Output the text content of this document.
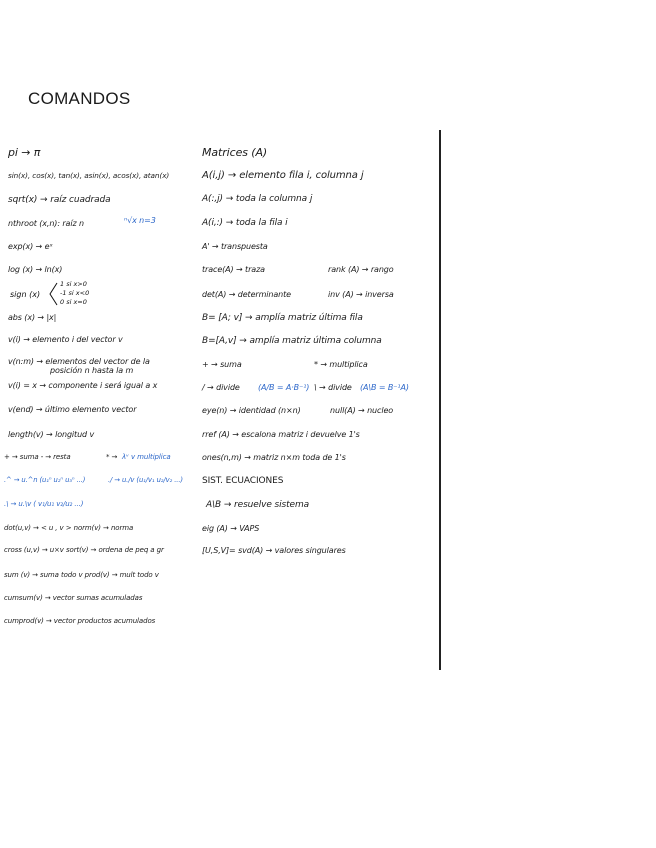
COMANDOS
pi → π
sin(x), cos(x), tan(x), asin(x), acos(x), atan(x)
sqrt(x) → raíz cuadrada
nthroot (x,n): raíz n	ⁿ√x n=3
exp(x) → eˣ
log (x) → ln(x)
sign (x)
1 si x>0
-1 si x<0
0 si x=0
abs (x) → |x|
v(i) → elemento i del vector v
v(n:m) → elementos del vector de la
posición n hasta la m
v(i) = x → componente i será igual a x
v(end) → último elemento vector
length(v) → longitud v
+ → suma - → resta	* → λᵛ v multiplica
.^ → u.^n (u₁ⁿ u₂ⁿ u₃ⁿ ...)	./ → u./v (u₁/v₁ u₂/v₂ ...)
.\ → u.\v ( v₁/u₁ v₂/u₂ ...)
dot(u,v) → < u , v > norm(v) → norma
cross (u,v) → u×v sort(v) → ordena de peq a gr
sum (v) → suma todo v prod(v) → mult todo v
cumsum(v) → vector sumas acumuladas
cumprod(v) → vector productos acumulados
Matrices (A)
A(i,j) → elemento fila i, columna j
A(:,j) → toda la columna j
A(i,:) → toda la fila i
A' → transpuesta
trace(A) → traza	rank (A) → rango
det(A) → determinante	inv (A) → inversa
B= [A; v] → amplía matriz última fila
B=[A,v] → amplía matriz última columna
+ → suma	* → multiplica
/ → divide (A/B = A·B⁻¹) \ → divide (A\B = B⁻¹A)
eye(n) → identidad (n×n)	null(A) → nucleo
rref (A) → escalona matriz i devuelve 1's
ones(n,m) → matriz n×m toda de 1's
SIST. ECUACIONES
A\B → resuelve sistema
eig (A) → VAPS
[U,S,V]= svd(A) → valores singulares
